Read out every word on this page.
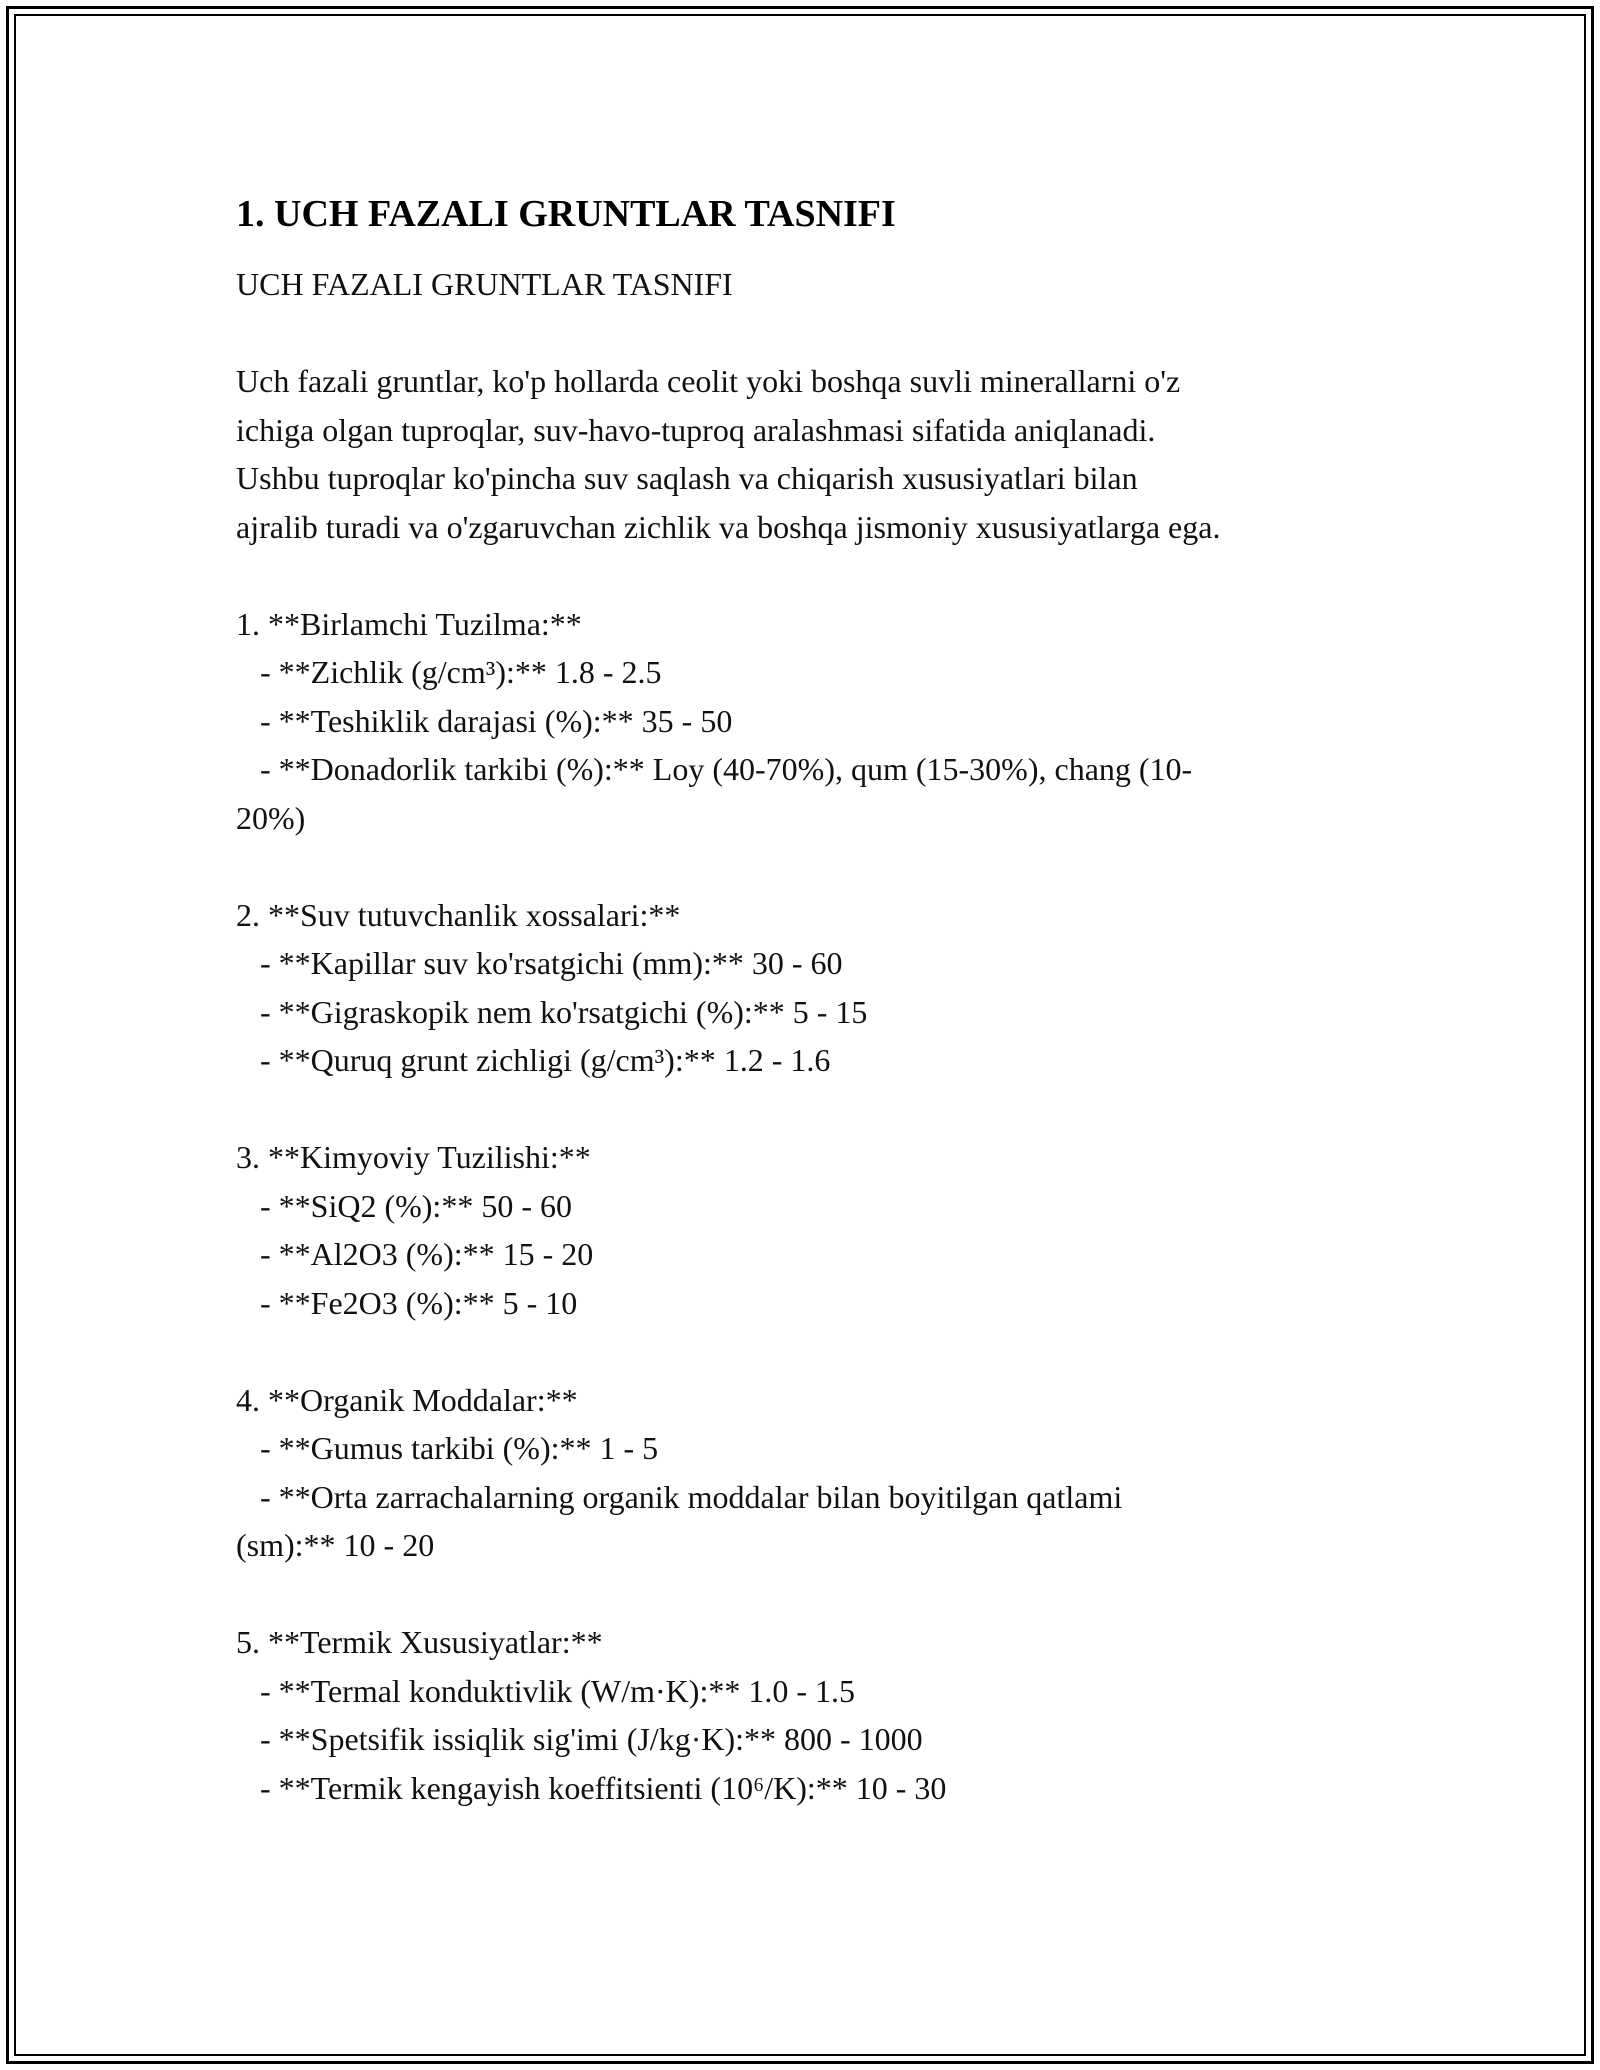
1. UCH FAZALI GRUNTLAR TASNIFI

UCH FAZALI GRUNTLAR TASNIFI

Uch fazali gruntlar, ko'p hollarda ceolit yoki boshqa suvli minerallarni o'z
ichiga olgan tuproqlar, suv-havo-tuproq aralashmasi sifatida aniqlanadi.
Ushbu tuproqlar ko'pincha suv saqlash va chiqarish xususiyatlari bilan
ajralib turadi va o'zgaruvchan zichlik va boshqa jismoniy xususiyatlarga ega.

1. **Birlamchi Tuzilma:**
- **Zichlik (g/cm³):** 1.8 - 2.5
- **Teshiklik darajasi (%):** 35 - 50
- **Donadorlik tarkibi (%):** Loy (40-70%), qum (15-30%), chang (10-
20%)

2. **Suv tutuvchanlik xossalari:**
- **Kapillar suv ko'rsatgichi (mm):** 30 - 60
- **Gigraskopik nem ko'rsatgichi (%):** 5 - 15
- **Quruq grunt zichligi (g/cm³):** 1.2 - 1.6

3. **Kimyoviy Tuzilishi:**
- **SiQ2 (%):** 50 - 60
- **Al2O3 (%):** 15 - 20
- **Fe2O3 (%):** 5 - 10

4. **Organik Moddalar:**
- **Gumus tarkibi (%):** 1 - 5
- **Orta zarrachalarning organik moddalar bilan boyitilgan qatlami
(sm):** 10 - 20

5. **Termik Xususiyatlar:**
- **Termal konduktivlik (W/m·K):** 1.0 - 1.5
- **Spetsifik issiqlik sig'imi (J/kg·K):** 800 - 1000
- **Termik kengayish koeffitsienti (10⁶/K):** 10 - 30
